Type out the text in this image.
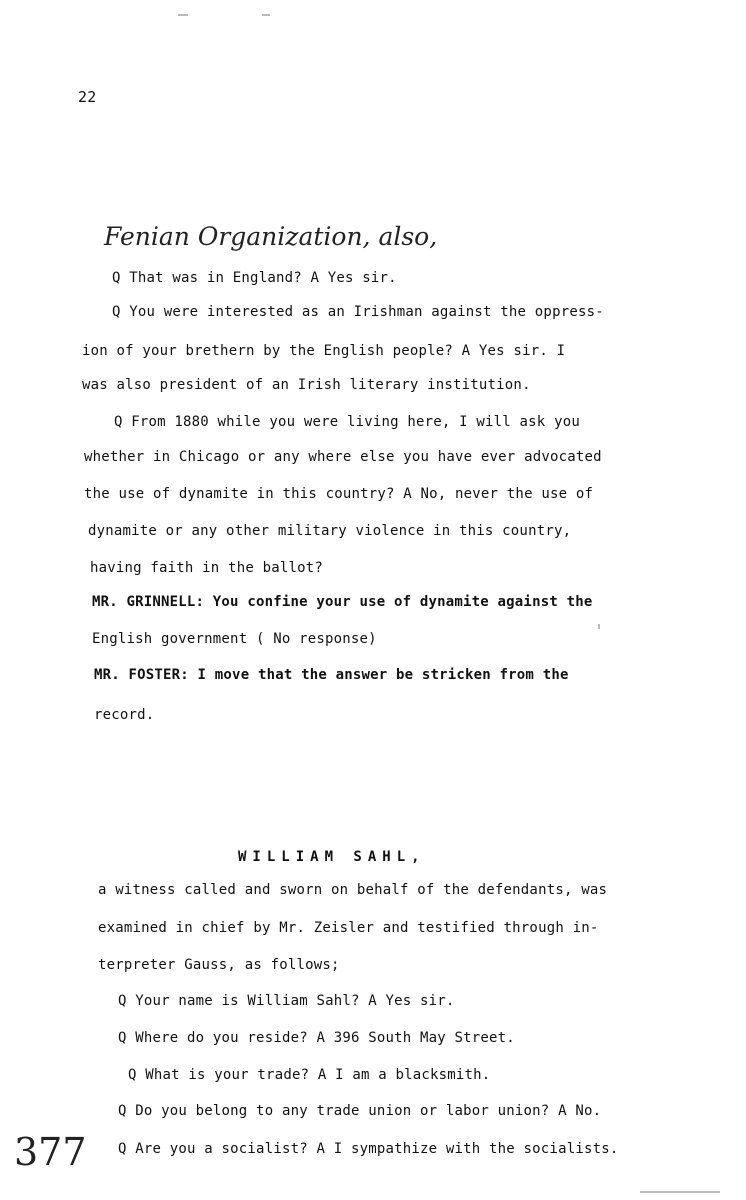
22
Fenian Organization, also,
Q That was in England? A Yes sir.
Q You were interested as an Irishman against the oppress-
ion of your brethern by the English people? A Yes sir. I
was also president of an Irish literary institution.
Q From 1880 while you were living here, I will ask you
whether in Chicago or any where else you have ever advocated
the use of dynamite in this country? A No, never the use of
dynamite or any other military violence in this country,
having faith in the ballot?
MR. GRINNELL: You confine your use of dynamite against the
English government ( No response)
MR. FOSTER: I move that the answer be stricken from the
record.
WILLIAM SAHL,
a witness called and sworn on behalf of the defendants, was
examined in chief by Mr. Zeisler and testified through in-
terpreter Gauss, as follows;
Q Your name is William Sahl? A Yes sir.
Q Where do you reside? A 396 South May Street.
Q What is your trade? A I am a blacksmith.
Q Do you belong to any trade union or labor union? A No.
Q Are you a socialist? A I sympathize with the socialists.
377
